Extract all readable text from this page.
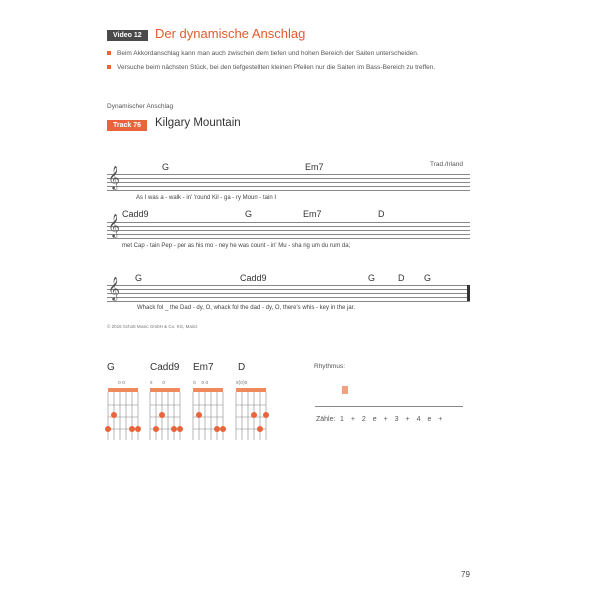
Video 12	Der dynamische Anschlag
Beim Akkordanschlag kann man auch zwischen dem tiefen und hohen Bereich der Saiten unterscheiden.
Versuche beim nächsten Stück, bei den tiefgestellten kleinen Pfeilen nur die Saiten im Bass-Bereich zu treffen.
Dynamischer Anschlag
Track 76	Kilgary Mountain
Trad./Irland
𝄞	G	Em7
As I was a - walk - in' 'round Kil - ga - ry Moun - tain I
𝄞
Cadd9	G	Em7	D
met Cap - tain Pep - per as his mo - ney he was count - in' Mu - sha rig um du rum da;
𝄞 G	Cadd9	G	D G
Whack fol _ the Dad - dy, O, whack fol the dad - dy, O, there's whis - key in the jar.
© 2016 Schott Music GmbH & Co. KG, Mainz
G	Cadd9 Em7 D
o o	x       o	o    o o	x(o)o
Rhythmus:
Zähle: 1 + 2 e + 3 + 4 e +
79
